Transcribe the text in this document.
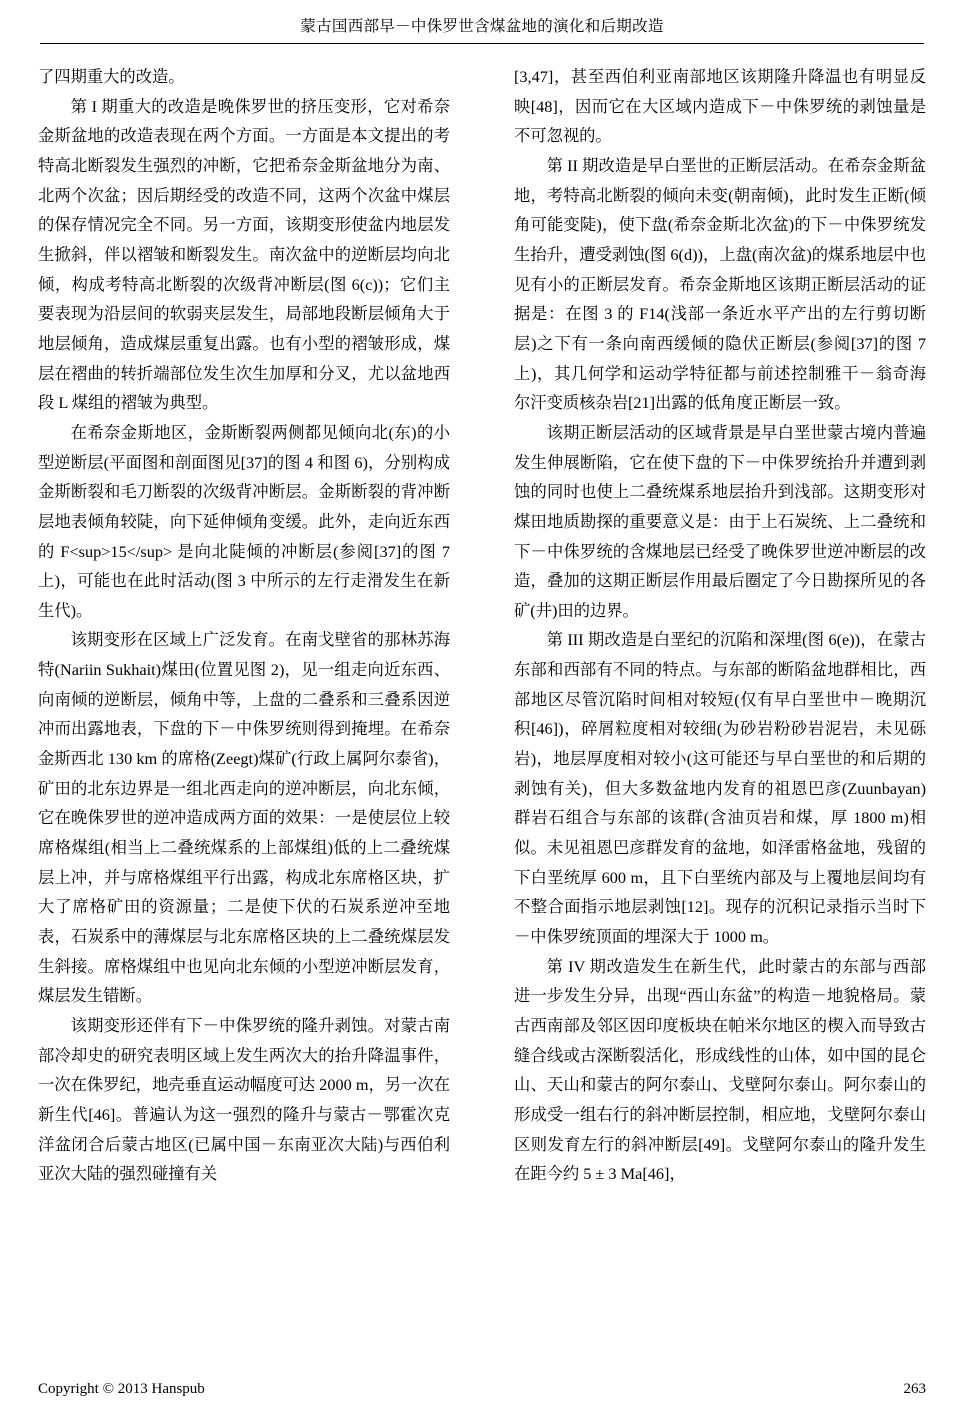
蒙古国西部早－中侏罗世含煤盆地的演化和后期改造

了四期重大的改造。

第 I 期重大的改造是晚侏罗世的挤压变形，它对希奈金斯盆地的改造表现在两个方面。一方面是本文提出的考特高北断裂发生强烈的冲断，它把希奈金斯盆地分为南、北两个次盆；因后期经受的改造不同，这两个次盆中煤层的保存情况完全不同。另一方面，该期变形使盆内地层发生掀斜，伴以褶皱和断裂发生。南次盆中的逆断层均向北倾，构成考特高北断裂的次级背冲断层(图 6(c))；它们主要表现为沿层间的软弱夹层发生，局部地段断层倾角大于地层倾角，造成煤层重复出露。也有小型的褶皱形成，煤层在褶曲的转折端部位发生次生加厚和分叉，尤以盆地西段 L 煤组的褶皱为典型。

在希奈金斯地区，金斯断裂两侧都见倾向北(东)的小型逆断层(平面图和剖面图见[37]的图 4 和图 6)，分别构成金斯断裂和毛刀断裂的次级背冲断层。金斯断裂的背冲断层地表倾角较陡，向下延伸倾角变缓。此外，走向近东西的 F<sup>15</sup> 是向北陡倾的冲断层(参阅[37]的图 7 上)，可能也在此时活动(图 3 中所示的左行走滑发生在新生代)。

该期变形在区域上广泛发育。在南戈壁省的那林苏海特(Nariin Sukhait)煤田(位置见图 2)，见一组走向近东西、向南倾的逆断层，倾角中等，上盘的二叠系和三叠系因逆冲而出露地表，下盘的下－中侏罗统则得到掩埋。在希奈金斯西北 130 km 的席格(Zeegt)煤矿(行政上属阿尔泰省)，矿田的北东边界是一组北西走向的逆冲断层，向北东倾，它在晚侏罗世的逆冲造成两方面的效果：一是使层位上较席格煤组(相当上二叠统煤系的上部煤组)低的上二叠统煤层上冲，并与席格煤组平行出露，构成北东席格区块，扩大了席格矿田的资源量；二是使下伏的石炭系逆冲至地表，石炭系中的薄煤层与北东席格区块的上二叠统煤层发生斜接。席格煤组中也见向北东倾的小型逆冲断层发育，煤层发生错断。

该期变形还伴有下－中侏罗统的隆升剥蚀。对蒙古南部冷却史的研究表明区域上发生两次大的抬升降温事件，一次在侏罗纪，地壳垂直运动幅度可达 2000 m，另一次在新生代[46]。普遍认为这一强烈的隆升与蒙古－鄂霍次克洋盆闭合后蒙古地区(已属中国－东南亚次大陆)与西伯利亚次大陆的强烈碰撞有关

[3,47]，甚至西伯利亚南部地区该期隆升降温也有明显反映[48]，因而它在大区域内造成下－中侏罗统的剥蚀量是不可忽视的。

第 II 期改造是早白垩世的正断层活动。在希奈金斯盆地，考特高北断裂的倾向未变(朝南倾)，此时发生正断(倾角可能变陡)，使下盘(希奈金斯北次盆)的下－中侏罗统发生抬升，遭受剥蚀(图 6(d))，上盘(南次盆)的煤系地层中也见有小的正断层发育。希奈金斯地区该期正断层活动的证据是：在图 3 的 F14(浅部一条近水平产出的左行剪切断层)之下有一条向南西缓倾的隐伏正断层(参阅[37]的图 7 上)，其几何学和运动学特征都与前述控制雅干－翁奇海尔汗变质核杂岩[21]出露的低角度正断层一致。

该期正断层活动的区域背景是早白垩世蒙古境内普遍发生伸展断陷，它在使下盘的下－中侏罗统抬升并遭到剥蚀的同时也使上二叠统煤系地层抬升到浅部。这期变形对煤田地质勘探的重要意义是：由于上石炭统、上二叠统和下－中侏罗统的含煤地层已经受了晚侏罗世逆冲断层的改造，叠加的这期正断层作用最后圈定了今日勘探所见的各矿(井)田的边界。

第 III 期改造是白垩纪的沉陷和深埋(图 6(e))，在蒙古东部和西部有不同的特点。与东部的断陷盆地群相比，西部地区尽管沉陷时间相对较短(仅有早白垩世中－晚期沉积[46])，碎屑粒度相对较细(为砂岩粉砂岩泥岩，未见砾岩)，地层厚度相对较小(这可能还与早白垩世的和后期的剥蚀有关)，但大多数盆地内发育的祖恩巴彦(Zuunbayan)群岩石组合与东部的该群(含油页岩和煤，厚 1800 m)相似。未见祖恩巴彦群发育的盆地，如泽雷格盆地，残留的下白垩统厚 600 m，且下白垩统内部及与上覆地层间均有不整合面指示地层剥蚀[12]。现存的沉积记录指示当时下－中侏罗统顶面的埋深大于 1000 m。

第 IV 期改造发生在新生代，此时蒙古的东部与西部进一步发生分异，出现“西山东盆”的构造－地貌格局。蒙古西南部及邻区因印度板块在帕米尔地区的楔入而导致古缝合线或古深断裂活化，形成线性的山体，如中国的昆仑山、天山和蒙古的阿尔泰山、戈壁阿尔泰山。阿尔泰山的形成受一组右行的斜冲断层控制，相应地，戈壁阿尔泰山区则发育左行的斜冲断层[49]。戈壁阿尔泰山的隆升发生在距今约 5 ± 3 Ma[46]，

Copyright © 2013 Hanspub	263
